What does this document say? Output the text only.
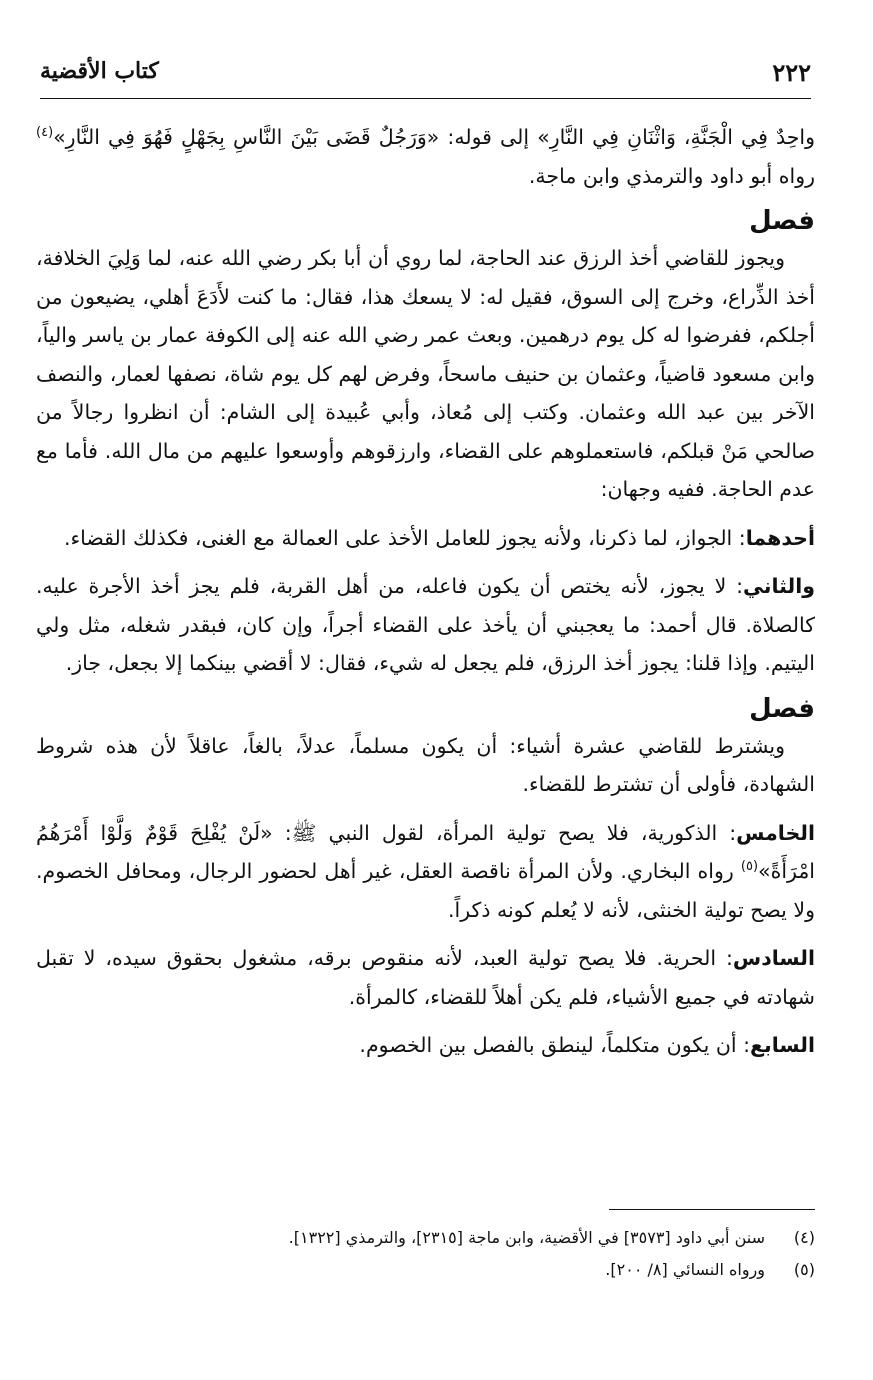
٢٢٢
كتاب الأقضية

واحِدٌ فِي الْجَنَّةِ، وَاثْنَانِ فِي النَّارِ» إلى قوله: «وَرَجُلٌ قَضَى بَيْنَ النَّاسِ بِجَهْلٍ فَهُوَ فِي النَّارِ»$^{(٤)}$ رواه أبو داود والترمذي وابن ماجة.

فصل

ويجوز للقاضي أخذ الرزق عند الحاجة، لما روي أن أبا بكر رضي الله عنه، لما وَلِيَ الخلافة، أخذ الذِّراع، وخرج إلى السوق، فقيل له: لا يسعك هذا، فقال: ما كنت لأَدَعَ أهلي، يضيعون من أجلكم، ففرضوا له كل يوم درهمين. وبعث عمر رضي الله عنه إلى الكوفة عمار بن ياسر والياً، وابن مسعود قاضياً، وعثمان بن حنيف ماسحاً، وفرض لهم كل يوم شاة، نصفها لعمار، والنصف الآخر بين عبد الله وعثمان. وكتب إلى مُعاذ، وأبي عُبيدة إلى الشام: أن انظروا رجالاً من صالحي مَنْ قبلكم، فاستعملوهم على القضاء، وارزقوهم وأوسعوا عليهم من مال الله. فأما مع عدم الحاجة. ففيه وجهان:

أحدهما: الجواز، لما ذكرنا، ولأنه يجوز للعامل الأخذ على العمالة مع الغنى، فكذلك القضاء.

والثاني: لا يجوز، لأنه يختص أن يكون فاعله، من أهل القربة، فلم يجز أخذ الأجرة عليه. كالصلاة. قال أحمد: ما يعجبني أن يأخذ على القضاء أجراً، وإن كان، فبقدر شغله، مثل ولي اليتيم. وإذا قلنا: يجوز أخذ الرزق، فلم يجعل له شيء، فقال: لا أقضي بينكما إلا بجعل، جاز.

فصل

ويشترط للقاضي عشرة أشياء: أن يكون مسلماً، عدلاً، بالغاً، عاقلاً لأن هذه شروط الشهادة، فأولى أن تشترط للقضاء.

الخامس: الذكورية، فلا يصح تولية المرأة، لقول النبي ﷺ: «لَنْ يُفْلِحَ قَوْمٌ وَلَّوْا أَمْرَهُمُ امْرَأَةً»$^{(٥)}$ رواه البخاري. ولأن المرأة ناقصة العقل، غير أهل لحضور الرجال، ومحافل الخصوم. ولا يصح تولية الخنثى، لأنه لا يُعلم كونه ذكراً.

السادس: الحرية. فلا يصح تولية العبد، لأنه منقوص برقه، مشغول بحقوق سيده، لا تقبل شهادته في جميع الأشياء، فلم يكن أهلاً للقضاء، كالمرأة.

السابع: أن يكون متكلماً، لينطق بالفصل بين الخصوم.

(٤)
سنن أبي داود [٣٥٧٣] في الأقضية، وابن ماجة [٢٣١٥]، والترمذي [١٣٢٢].
(٥)
ورواه النسائي [٨/ ٢٠٠].
